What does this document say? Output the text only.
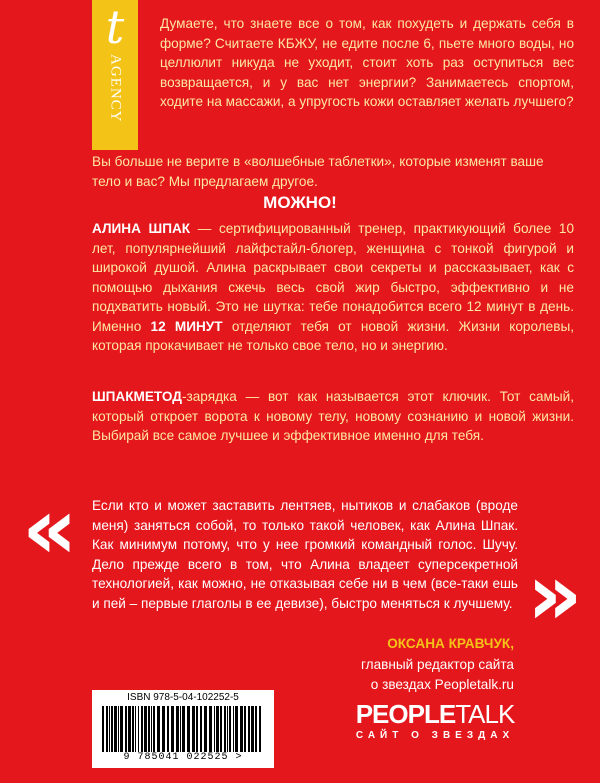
t
AGENCY
Думаете, что знаете все о том, как похудеть и держать себя в форме? Считаете КБЖУ, не едите после 6, пьете много воды, но целлюлит никуда не уходит, стоит хоть раз оступиться вес возвращается, и у вас нет энергии? Занимаетесь спортом, ходите на массажи, а упругость кожи оставляет желать лучшего?
Вы больше не верите в «волшебные таблетки», которые изменят ваше тело и вас? Мы предлагаем другое.
МОЖНО!
АЛИНА ШПАК — сертифицированный тренер, практикующий более 10 лет, популярнейший лайфстайл-блогер, женщина с тонкой фигурой и широкой душой. Алина раскрывает свои секреты и рассказывает, как с помощью дыхания сжечь весь свой жир быстро, эффективно и не подхватить новый. Это не шутка: тебе понадобится всего 12 минут в день. Именно 12 МИНУТ отделяют тебя от новой жизни. Жизни королевы, которая прокачивает не только свое тело, но и энергию.
ШПАКМЕТОД-зарядка — вот как называется этот ключик. Тот самый, который откроет ворота к новому телу, новому сознанию и новой жизни. Выбирай все самое лучшее и эффективное именно для тебя.
« Если кто и может заставить лентяев, нытиков и слабаков (вроде меня) заняться собой, то только такой человек, как Алина Шпак. Как минимум потому, что у нее громкий командный голос. Шучу. Дело прежде всего в том, что Алина владеет суперсекретной технологией, как можно, не отказывая себе ни в чем (все-таки ешь и пей – первые глаголы в ее девизе), быстро меняться к лучшему. »
ОКСАНА КРАВЧУК,
главный редактор сайта
о звездах Peopletalk.ru
ISBN 978-5-04-102252-5
9 785041 022525 >
PEOPLETALK
САЙТ О ЗВЕЗДАХ
